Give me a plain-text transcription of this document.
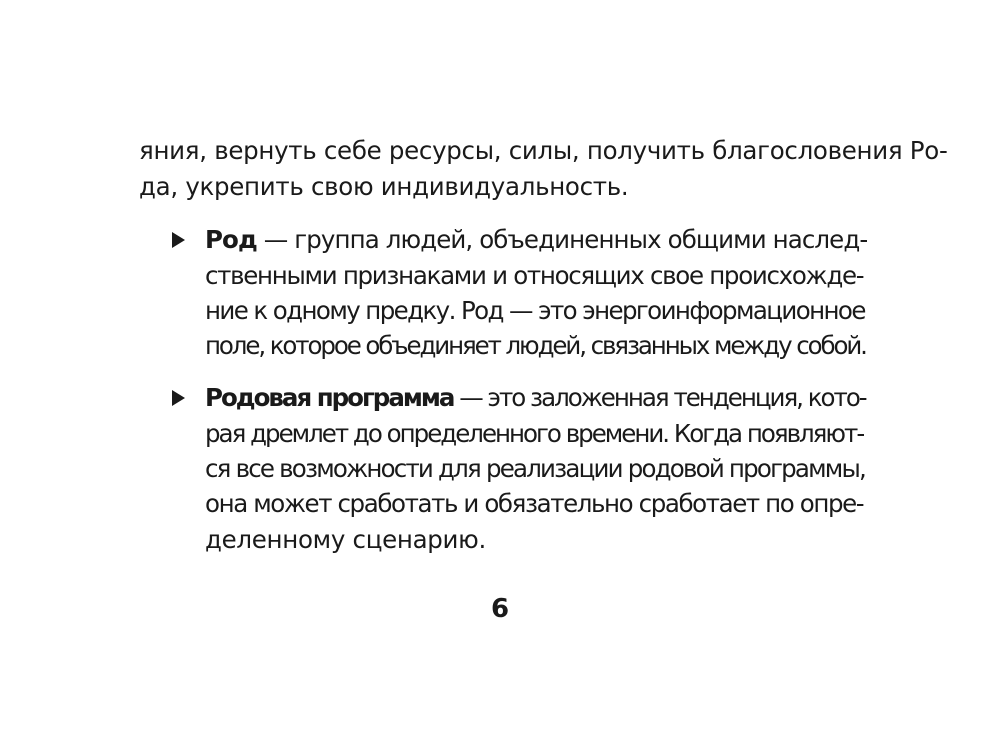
яния, вернуть себе ресурсы, силы, получить благословения Ро-
да, укрепить свою индивидуальность.
Род — группа людей, объединенных общими наслед-
ственными признаками и относящих свое происхожде-
ние к одному предку. Род — это энергоинформационное
поле, которое объединяет людей, связанных между собой.
Родовая программа — это заложенная тенденция, кото-
рая дремлет до определенного времени. Когда появляют-
ся все возможности для реализации родовой программы,
она может сработать и обязательно сработает по опре-
деленному сценарию.
6
